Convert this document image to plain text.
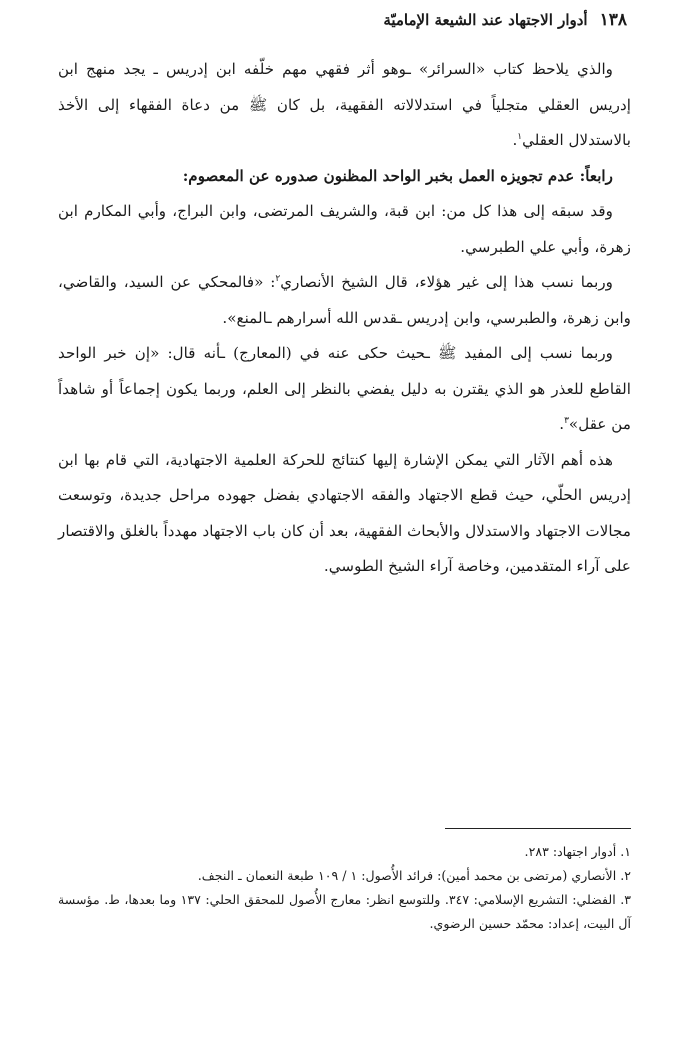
١٣٨
أدوار الاجتهاد عند الشيعة الإماميّة

والذي يلاحظ كتاب «السرائر» ـوهو أثر فقهي مهم خلّفه ابن إدريس ـ يجد منهج ابن إدريس العقلي متجلياً في استدلالاته الفقهية، بل كان ﷺ من دعاة الفقهاء إلى الأخذ بالاستدلال العقلي$^١$.

رابعاً: عدم تجويزه العمل بخبر الواحد المظنون صدوره عن المعصوم:

وقد سبقه إلى هذا كل من: ابن قبة، والشريف المرتضى، وابن البراج، وأبي المكارم ابن زهرة، وأبي علي الطبرسي.

وربما نسب هذا إلى غير هؤلاء، قال الشيخ الأنصاري$^٢$: «فالمحكي عن السيد، والقاضي، وابن زهرة، والطبرسي، وابن إدريس ـقدس الله أسرارهم ـالمنع».

وربما نسب إلى المفيد ﷺ ـحيث حكى عنه في (المعارج) ـأنه قال: «إن خبر الواحد القاطع للعذر هو الذي يقترن به دليل يفضي بالنظر إلى العلم، وربما يكون إجماعاً أو شاهداً من عقل»$^٣$.

هذه أهم الآثار التي يمكن الإشارة إليها كنتائج للحركة العلمية الاجتهادية، التي قام بها ابن إدريس الحلّي، حيث قطع الاجتهاد والفقه الاجتهادي بفضل جهوده مراحل جديدة، وتوسعت مجالات الاجتهاد والاستدلال والأبحاث الفقهية، بعد أن كان باب الاجتهاد مهدداً بالغلق والاقتصار على آراء المتقدمين، وخاصة آراء الشيخ الطوسي.

١. أدوار اجتهاد: ٢٨٣.

٢. الأنصاري (مرتضى بن محمد أمين): فرائد الأُصول: ١ / ١٠٩ طبعة النعمان ـ النجف.

٣. الفضلي: التشريع الإسلامي: ٣٤٧. وللتوسع انظر: معارج الأُصول للمحقق الحلي: ١٣٧ وما بعدها، ط. مؤسسة آل البيت، إعداد: محمّد حسين الرضوي.
